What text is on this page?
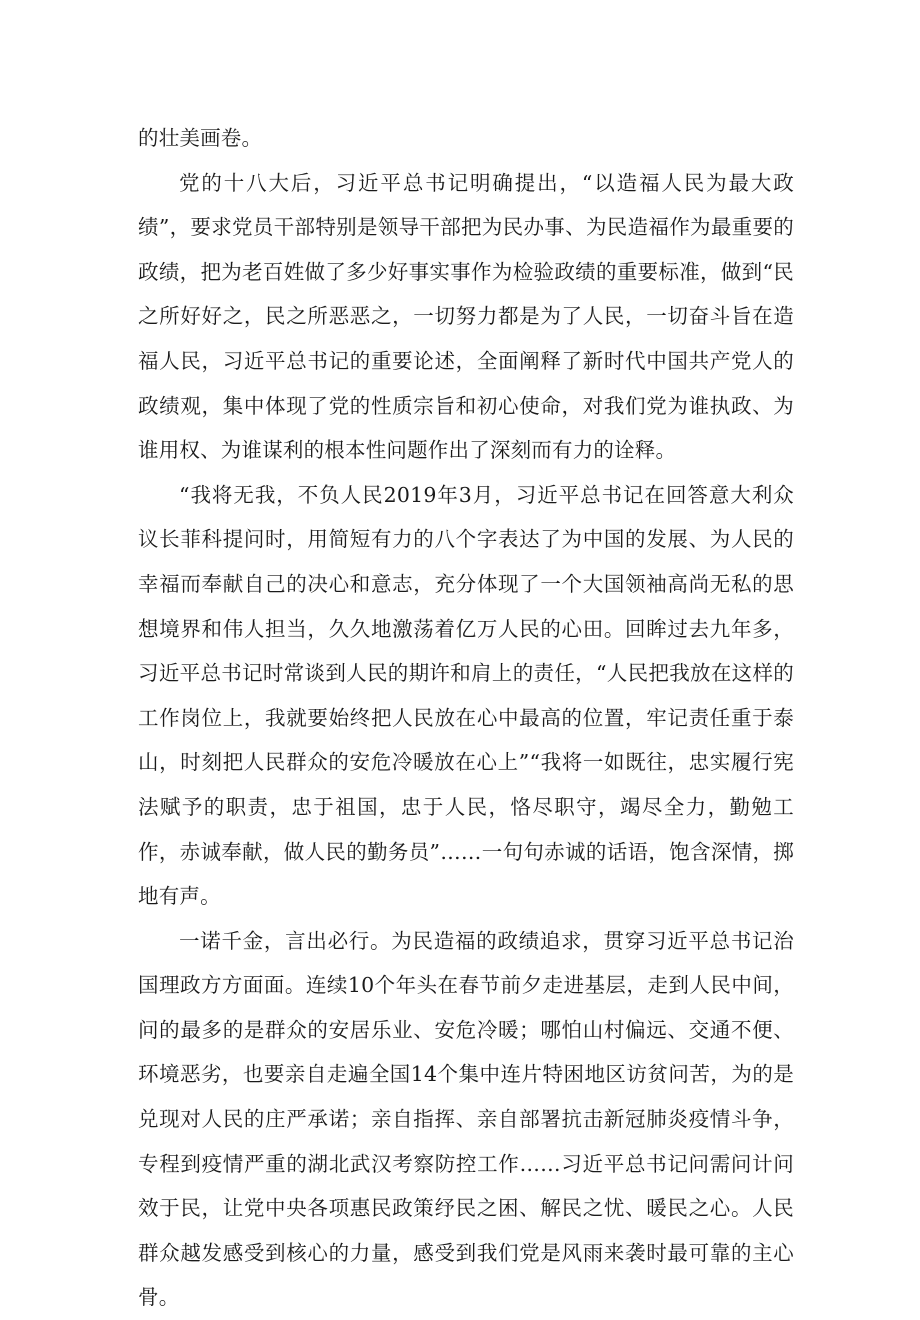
的壮美画卷。

党的十八大后，习近平总书记明确提出，“以造福人民为最大政绩”，要求党员干部特别是领导干部把为民办事、为民造福作为最重要的政绩，把为老百姓做了多少好事实事作为检验政绩的重要标准，做到“民之所好好之，民之所恶恶之，一切努力都是为了人民，一切奋斗旨在造福人民，习近平总书记的重要论述，全面阐释了新时代中国共产党人的政绩观，集中体现了党的性质宗旨和初心使命，对我们党为谁执政、为谁用权、为谁谋利的根本性问题作出了深刻而有力的诠释。

“我将无我，不负人民2019年3月，习近平总书记在回答意大利众议长菲科提问时，用简短有力的八个字表达了为中国的发展、为人民的幸福而奉献自己的决心和意志，充分体现了一个大国领袖高尚无私的思想境界和伟人担当，久久地激荡着亿万人民的心田。回眸过去九年多，习近平总书记时常谈到人民的期许和肩上的责任，“人民把我放在这样的工作岗位上，我就要始终把人民放在心中最高的位置，牢记责任重于泰山，时刻把人民群众的安危冷暖放在心上”“我将一如既往，忠实履行宪法赋予的职责，忠于祖国，忠于人民，恪尽职守，竭尽全力，勤勉工作，赤诚奉献，做人民的勤务员”……一句句赤诚的话语，饱含深情，掷地有声。

一诺千金，言出必行。为民造福的政绩追求，贯穿习近平总书记治国理政方方面面。连续10个年头在春节前夕走进基层，走到人民中间，问的最多的是群众的安居乐业、安危冷暖；哪怕山村偏远、交通不便、环境恶劣，也要亲自走遍全国14个集中连片特困地区访贫问苦，为的是兑现对人民的庄严承诺；亲自指挥、亲自部署抗击新冠肺炎疫情斗争，专程到疫情严重的湖北武汉考察防控工作……习近平总书记问需问计问效于民，让党中央各项惠民政策纾民之困、解民之忧、暖民之心。人民群众越发感受到核心的力量，感受到我们党是风雨来袭时最可靠的主心骨。
